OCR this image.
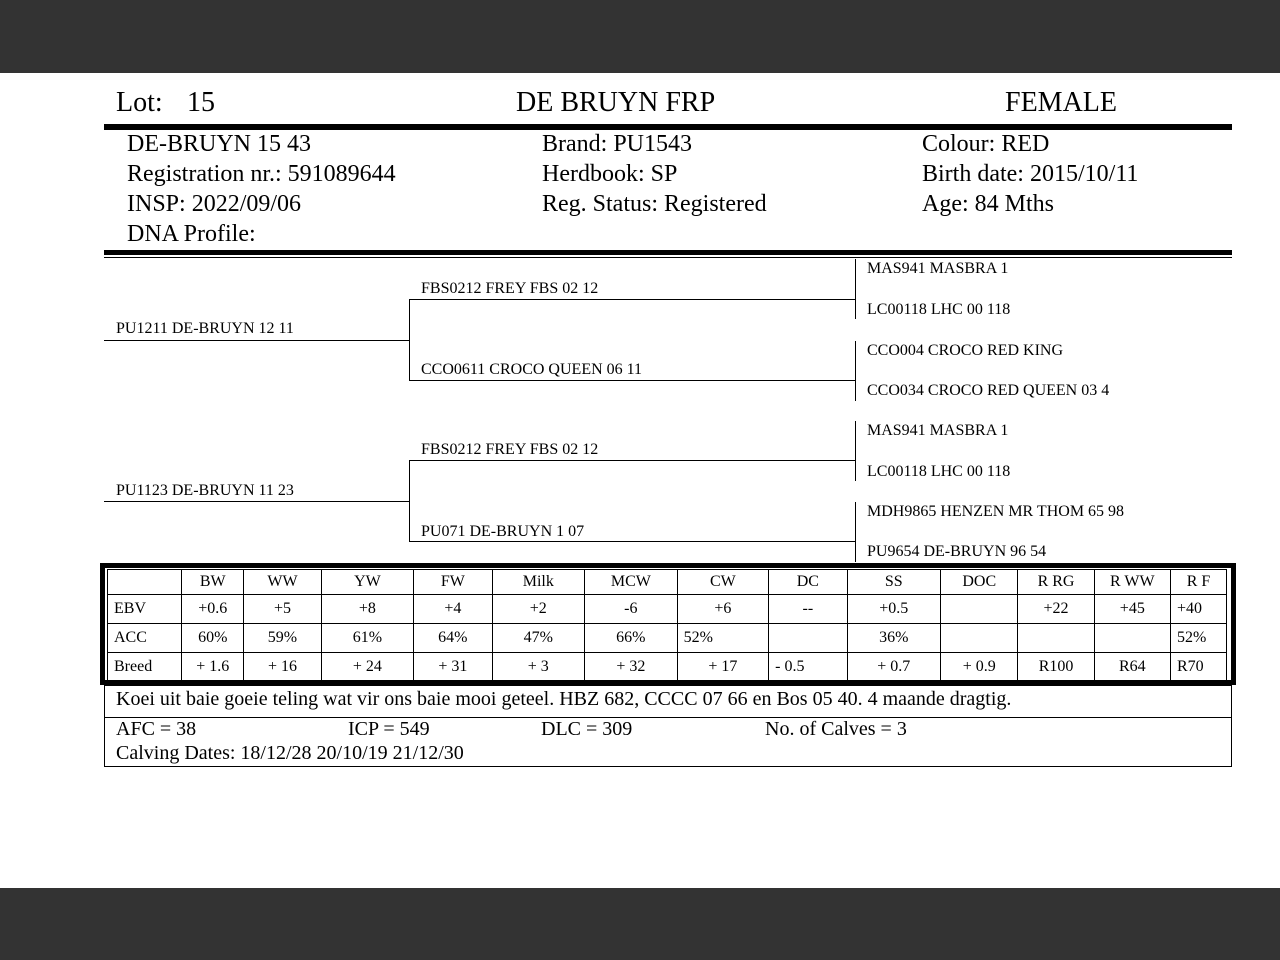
Lot: 15	DE BRUYN FRP	FEMALE
DE-BRUYN 15 43
Registration nr.: 591089644
INSP: 2022/09/06
DNA Profile:
Brand: PU1543
Herdbook: SP
Reg. Status: Registered
Colour: RED
Birth date: 2015/10/11
Age: 84 Mths
PU1211 DE-BRUYN 12 11
PU1123 DE-BRUYN 11 23
FBS0212 FREY FBS 02 12
CCO0611 CROCO QUEEN 06 11
FBS0212 FREY FBS 02 12
PU071 DE-BRUYN 1 07
MAS941 MASBRA 1
LC00118 LHC 00 118
CCO004 CROCO RED KING
CCO034 CROCO RED QUEEN 03 4
MAS941 MASBRA 1
LC00118 LHC 00 118
MDH9865 HENZEN MR THOM 65 98
PU9654 DE-BRUYN 96 54
	BW	WW	YW	FW	Milk	MCW	CW	DC	SS	DOC	R RG	R WW	R F
EBV	+0.6	+5	+8	+4	+2	-6	+6	--	+0.5		+22	+45	+40
ACC	60%	59%	61%	64%	47%	66%	52%		36%				52%
Breed	+ 1.6	+ 16	+ 24	+ 31	+ 3	+ 32	+ 17	- 0.5	+ 0.7	+ 0.9	R100	R64	R70
Koei uit baie goeie teling wat vir ons baie mooi geteel. HBZ 682, CCCC 07 66 en Bos 05 40. 4 maande dragtig.
AFC = 38	ICP = 549	DLC = 309	No. of Calves = 3
Calving Dates: 18/12/28 20/10/19 21/12/30
